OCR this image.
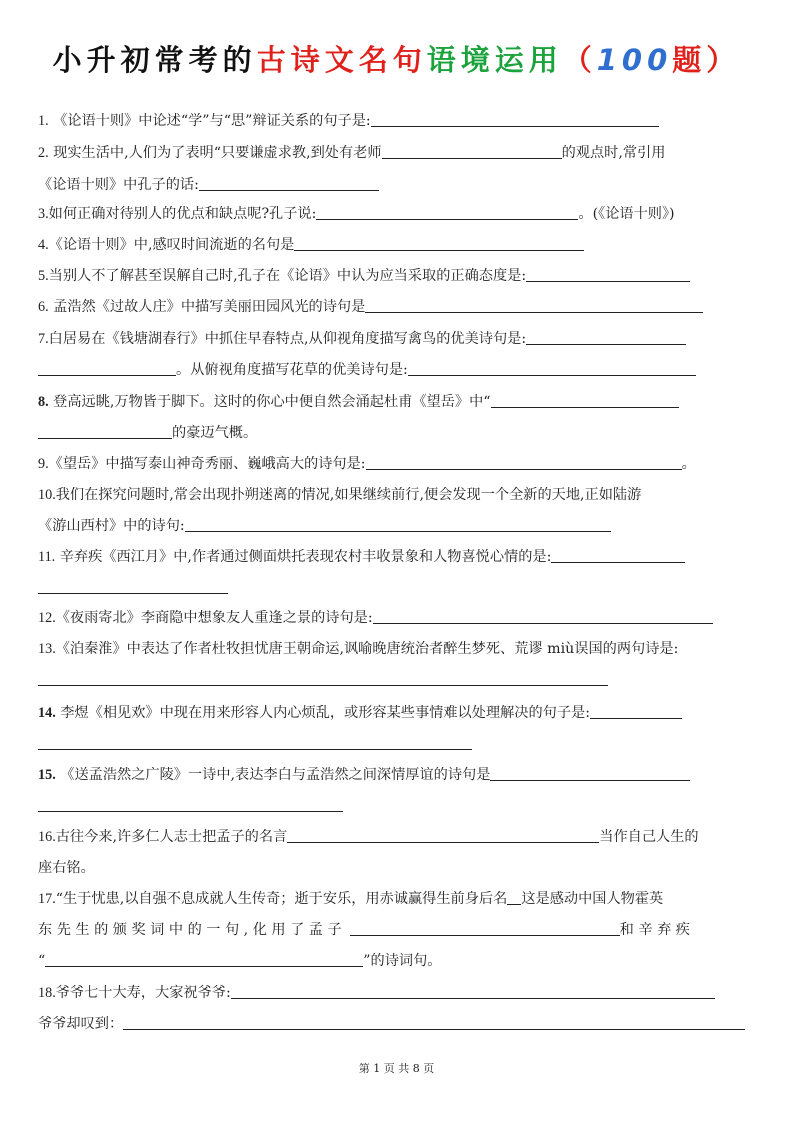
小升初常考的古诗文名句语境运用（100题）
1. 《论语十则》中论述“学”与“思”辩证关系的句子是:
2. 现实生活中,人们为了表明“只要谦虚求教,到处有老师	的观点时,常引用
《论语十则》中孔子的话:
3.如何正确对待别人的优点和缺点呢?孔子说:	。(《论语十则》)
4.《论语十则》中,感叹时间流逝的名句是
5.当别人不了解甚至误解自己时,孔子在《论语》中认为应当采取的正确态度是:
6. 孟浩然《过故人庄》中描写美丽田园风光的诗句是
7.白居易在《钱塘湖春行》中抓住早春特点,从仰视角度描写禽鸟的优美诗句是:
。从俯视角度描写花草的优美诗句是:
8. 登高远眺,万物皆于脚下。这时的你心中便自然会涌起杜甫《望岳》中“
的豪迈气概。
9.《望岳》中描写泰山神奇秀丽、巍峨高大的诗句是:	。
10.我们在探究问题时,常会出现扑朔迷离的情况,如果继续前行,便会发现一个全新的天地,正如陆游
《游山西村》中的诗句:
11. 辛弃疾《西江月》中,作者通过侧面烘托表现农村丰收景象和人物喜悦心情的是:
12.《夜雨寄北》李商隐中想象友人重逢之景的诗句是:
13.《泊秦淮》中表达了作者杜牧担忧唐王朝命运,讽喻晚唐统治者醉生梦死、荒谬 miù误国的两句诗是:
14. 李煜《相见欢》中现在用来形容人内心烦乱，或形容某些事情难以处理解决的句子是:
15. 《送孟浩然之广陵》一诗中,表达李白与孟浩然之间深情厚谊的诗句是
16.古往今来,许多仁人志士把孟子的名言	当作自己人生的
座右铭。
17.“生于忧患,以自强不息成就人生传奇；逝于安乐，用赤诚赢得生前身后名 这是感动中国人物霍英
东 先 生 的 颁 奖 词 中 的 一 句 , 化 用 了 孟 子	和 辛 弃 疾
“	”的诗词句。
18.爷爷七十大寿，大家祝爷爷:
爷爷却叹到：
第 1 页 共 8 页
